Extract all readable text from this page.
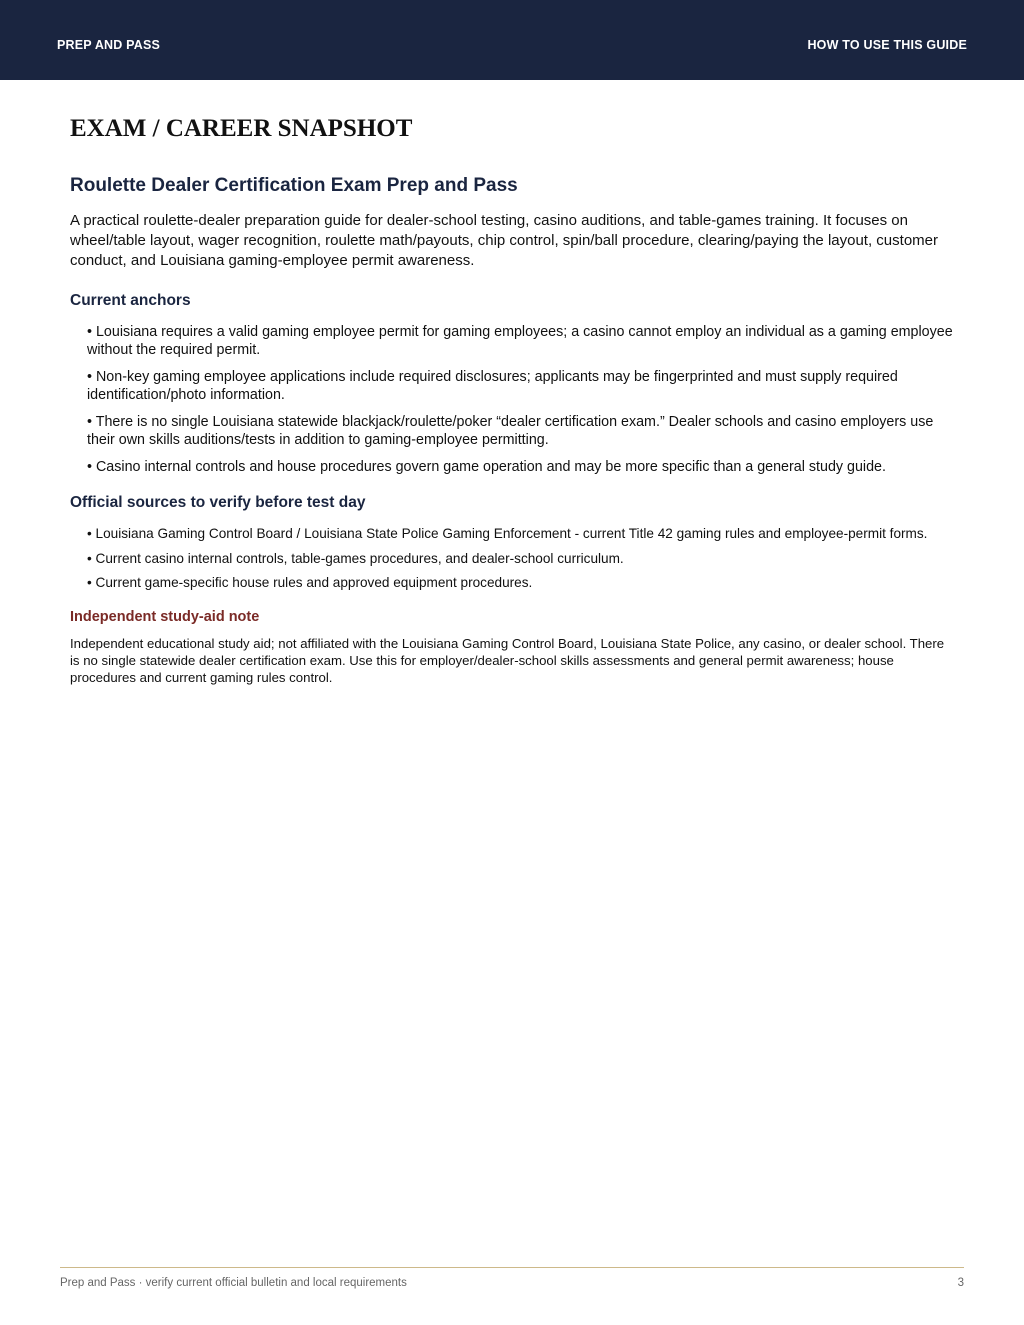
PREP AND PASS	HOW TO USE THIS GUIDE
EXAM / CAREER SNAPSHOT
Roulette Dealer Certification Exam Prep and Pass

A practical roulette-dealer preparation guide for dealer-school testing, casino auditions, and table-games training. It focuses on wheel/table layout, wager recognition, roulette math/payouts, chip control, spin/ball procedure, clearing/paying the layout, customer conduct, and Louisiana gaming-employee permit awareness.

Current anchors
• Louisiana requires a valid gaming employee permit for gaming employees; a casino cannot employ an individual as a gaming employee without the required permit.
• Non-key gaming employee applications include required disclosures; applicants may be fingerprinted and must supply required identification/photo information.
• There is no single Louisiana statewide blackjack/roulette/poker “dealer certification exam.” Dealer schools and casino employers use their own skills auditions/tests in addition to gaming-employee permitting.
• Casino internal controls and house procedures govern game operation and may be more specific than a general study guide.
Official sources to verify before test day
• Louisiana Gaming Control Board / Louisiana State Police Gaming Enforcement - current Title 42 gaming rules and employee-permit forms.
• Current casino internal controls, table-games procedures, and dealer-school curriculum.
• Current game-specific house rules and approved equipment procedures.
Independent study-aid note

Independent educational study aid; not affiliated with the Louisiana Gaming Control Board, Louisiana State Police, any casino, or dealer school. There is no single statewide dealer certification exam. Use this for employer/dealer-school skills assessments and general permit awareness; house procedures and current gaming rules control.

Prep and Pass · verify current official bulletin and local requirements	3
